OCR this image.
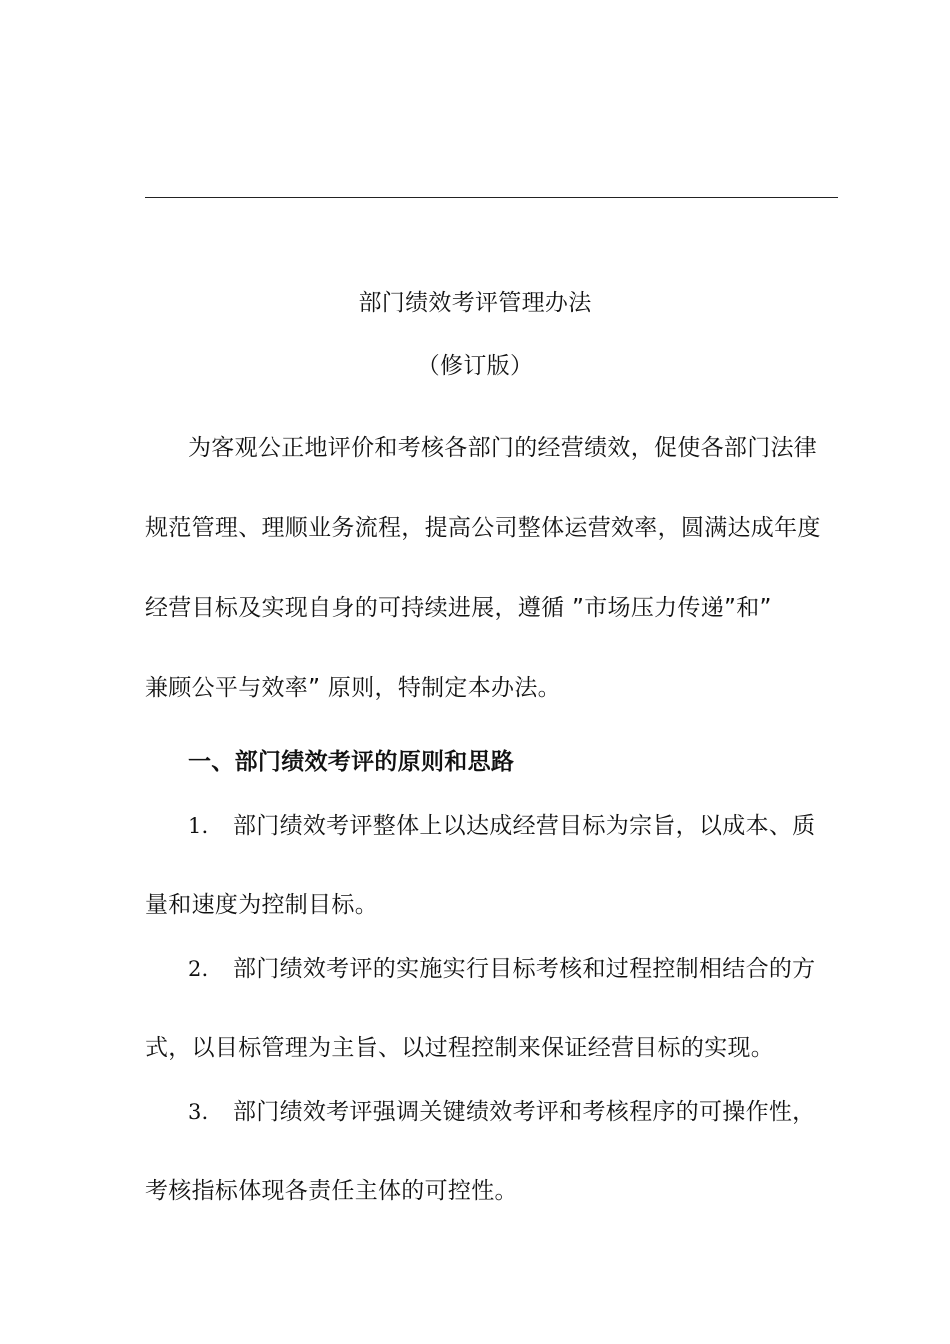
部门绩效考评管理办法
（修订版）
为客观公正地评价和考核各部门的经营绩效，促使各部门法律
规范管理、理顺业务流程，提高公司整体运营效率，圆满达成年度
经营目标及实现自身的可持续进展，遵循 ”市场压力传递”和”
兼顾公平与效率” 原则，特制定本办法。
一、部门绩效考评的原则和思路
1． 部门绩效考评整体上以达成经营目标为宗旨，以成本、质
量和速度为控制目标。
2． 部门绩效考评的实施实行目标考核和过程控制相结合的方
式，以目标管理为主旨、以过程控制来保证经营目标的实现。
3． 部门绩效考评强调关键绩效考评和考核程序的可操作性，
考核指标体现各责任主体的可控性。
